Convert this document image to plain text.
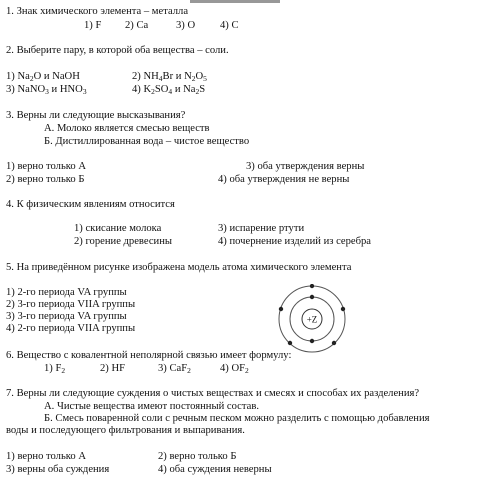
1. Знак химического элемента – металла
1) F 2) Ca	3) O 4) C
2. Выберите пару, в которой оба вещества – соли.
1) $Na_2O$ и NaOH	2) $NH_4Br$ и $N_2O_5$
3) NaNO$_3$ и $HNO_3$	4) $K_2SO_4$ и $Na_2S$
3. Верны ли следующие высказывания?
А. Молоко является смесью веществ
Б. Дистиллированная вода – чистое вещество
1) верно только А	3) оба утверждения верны
2) верно только Б	4) оба утверждения не верны
4. К физическим явлениям относится
1) скисание молока	3) испарение ртути
2) горение древесины	4) почернение изделий из серебра
5. На приведённом рисунке изображена модель атома химического элемента
1) 2-го периода VA группы
2) 3-го периода VIIA группы
3) 3-го периода VA группы
4) 2-го периода VIIA группы
+Z
6. Вещество с ковалентной неполярной связью имеет формулу:
1) $F_2$	2) HF	3) CaF$_2$	4) $OF_2$
7. Верны ли следующие суждения о чистых веществах и смесях и способах их разделения?
А. Чистые вещества имеют постоянный состав.
Б. Смесь поваренной соли с речным песком можно разделить с помощью добавления
воды и последующего фильтрования и выпаривания.
1) верно только А	2) верно только Б
3) верны оба суждения	4) оба суждения неверны
